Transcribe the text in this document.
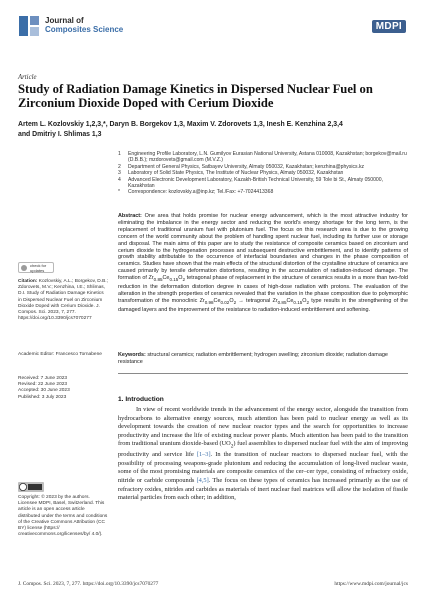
Journal of
Composites Science	MDPI
Article
Study of Radiation Damage Kinetics in Dispersed Nuclear Fuel on Zirconium Dioxide Doped with Cerium Dioxide
Artem L. Kozlovskiy 1,2,3,*, Daryn B. Borgekov 1,3, Maxim V. Zdorovets 1,3, Inesh E. Kenzhina 2,3,4
and Dmitriy I. Shlimas 1,3
1	Engineering Profile Laboratory, L.N. Gumilyov Eurasian National University, Astana 010008, Kazakhstan; borgekov@mail.ru (D.B.B.); mzdorovets@gmail.com (M.V.Z.)
2	Department of General Physics, Satbayev University, Almaty 050032, Kazakhstan; kenzhina@physics.kz
3	Laboratory of Solid State Physics, The Institute of Nuclear Physics, Almaty 050032, Kazakhstan
4	Advanced Electronic Development Laboratory, Kazakh-British Technical University, 59 Tole bi St., Almaty 050000, Kazakhstan
*	Correspondence: kozlovskiy.a@inp.kz; Tel./Fax: +7-7024413368
Abstract: One area that holds promise for nuclear energy advancement, which is the most attractive industry for eliminating the imbalance in the energy sector and reducing the world's energy shortage for the long term, is the replacement of traditional uranium fuel with plutonium fuel. The focus on this research area is due to the growing concern of the world community about the problem of handling spent nuclear fuel, including its further use or storage and disposal. The main aims of this paper are to study the resistance of composite ceramics based on zirconium and cerium dioxide to the hydrogenation processes and subsequent destructive embrittlement, and to identify patterns of growth stability attributable to the occurrence of interfacial boundaries and changes in the phase composition of ceramics. Studies have shown that the main effects of the structural distortion of the crystalline structure of ceramics are caused primarily by tensile deformation distortions, resulting in the accumulation of radiation-induced damage. The formation of $Zr_{0.85}Ce_{0.15}O_2$ tetragonal phase of replacement in the structure of ceramics results in a more than two-fold reduction in the deformation distortion degree in cases of high-dose radiation with protons. The evaluation of the alteration in the strength properties of ceramics revealed that the variation in the phase composition due to polymorphic transformation of the monoclinic $Zr_{0.98}Ce_{0.02}O_2$ → tetragonal $Zr_{0.85}Ce_{0.15}O_2$ type results in the strengthening of the damaged layers and the improvement of the resistance to radiation-induced embrittlement and softening.
Keywords: structural ceramics; radiation embrittlement; hydrogen swelling; zirconium dioxide; radiation damage resistance
check for updates
Citation: Kozlovskiy, A.L.; Borgekov, D.B.; Zdorovets, M.V.; Kenzhina, I.E.; Shlimas, D.I. Study of Radiation Damage Kinetics in Dispersed Nuclear Fuel on Zirconium Dioxide Doped with Cerium Dioxide. J. Compos. Sci. 2023, 7, 277. https://doi.org/10.3390/jcs7070277
Academic Editor: Francesco Tornabene
Received: 7 June 2023
Revised: 22 June 2023
Accepted: 30 June 2023
Published: 3 July 2023
Copyright: © 2023 by the authors. Licensee MDPI, Basel, Switzerland. This article is an open access article distributed under the terms and conditions of the Creative Commons Attribution (CC BY) license (https:// creativecommons.org/licenses/by/ 4.0/).
1. Introduction
In view of recent worldwide trends in the advancement of the energy sector, alongside the transition from hydrocarbons to alternative energy sources, much attention has been paid to nuclear energy as well as its development towards the creation of new nuclear reactor types and the search for opportunities to increase productivity and increase the life of existing nuclear power plants. Much attention has been paid to the transition from traditional uranium dioxide-based $(UO_2)$ fuel assemblies to dispersed nuclear fuel with the aim of improving productivity and service life [1–3]. In the transition of nuclear reactors to dispersed nuclear fuel, with the possibility of processing weapons-grade plutonium and reducing the accumulation of long-lived nuclear waste, some of the most promising materials are composite ceramics of the cer–cer type, consisting of refractory oxide, nitride or carbide compounds [4,5]. The focus on these types of ceramics has increased primarily as the use of refractory oxides, nitrides and carbides as materials of inert nuclear fuel matrices will allow the isolation of fissile material particles from each other; in addition,
J. Compos. Sci. 2023, 7, 277. https://doi.org/10.3390/jcs7070277	https://www.mdpi.com/journal/jcs
